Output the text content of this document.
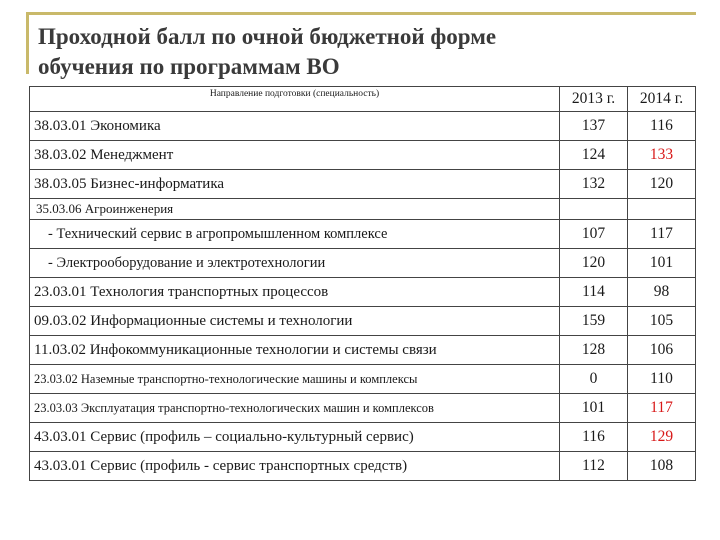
Проходной балл по очной бюджетной форме
обучения по программам ВО
Направление подготовки (специальность)	2013 г.	2014 г.
38.03.01 Экономика	137	116
38.03.02 Менеджмент	124	133
38.03.05 Бизнес-информатика	132	120
35.03.06 Агроинженерия		
- Технический сервис в агропромышленном комплексе	107	117
- Электрооборудование и электротехнологии	120	101
23.03.01 Технология транспортных процессов	114	98
09.03.02 Информационные системы и технологии	159	105
11.03.02 Инфокоммуникационные технологии и системы связи	128	106
23.03.02 Наземные транспортно-технологические машины и комплексы	0	110
23.03.03 Эксплуатация транспортно-технологических машин и комплексов	101	117
43.03.01 Сервис (профиль – социально-культурный сервис)	116	129
43.03.01 Сервис (профиль - сервис транспортных средств)	112	108
